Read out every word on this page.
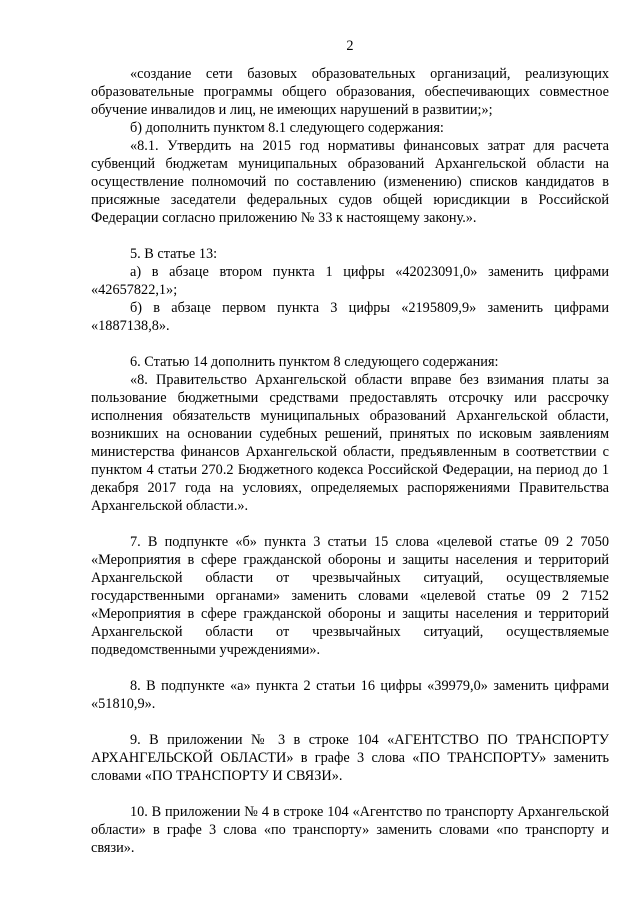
2

«создание сети базовых образовательных организаций, реализующих образовательные программы общего образования, обеспечивающих совместное обучение инвалидов и лиц, не имеющих нарушений в развитии;»;

б) дополнить пунктом 8.1 следующего содержания:

«8.1. Утвердить на 2015 год нормативы финансовых затрат для расчета субвенций бюджетам муниципальных образований Архангельской области на осуществление полномочий по составлению (изменению) списков кандидатов в присяжные заседатели федеральных судов общей юрисдикции в Российской Федерации согласно приложению № 33 к настоящему закону.».

5. В статье 13:

а) в абзаце втором пункта 1 цифры «42023091,0» заменить цифрами «42657822,1»;

б) в абзаце первом пункта 3 цифры «2195809,9» заменить цифрами «1887138,8».

6. Статью 14 дополнить пунктом 8 следующего содержания:

«8. Правительство Архангельской области вправе без взимания платы за пользование бюджетными средствами предоставлять отсрочку или рассрочку исполнения обязательств муниципальных образований Архангельской области, возникших на основании судебных решений, принятых по исковым заявлениям министерства финансов Архангельской области, предъявленным в соответствии с пунктом 4 статьи 270.2 Бюджетного кодекса Российской Федерации, на период до 1 декабря 2017 года на условиях, определяемых распоряжениями Правительства Архангельской области.».

7. В подпункте «б» пункта 3 статьи 15 слова «целевой статье 09 2 7050 «Мероприятия в сфере гражданской обороны и защиты населения и территорий Архангельской области от чрезвычайных ситуаций, осуществляемые государственными органами» заменить словами «целевой статье 09 2 7152 «Мероприятия в сфере гражданской обороны и защиты населения и территорий Архангельской области от чрезвычайных ситуаций, осуществляемые подведомственными учреждениями».

8. В подпункте «а» пункта 2 статьи 16 цифры «39979,0» заменить цифрами «51810,9».

9. В приложении № 3 в строке 104 «АГЕНТСТВО ПО ТРАНСПОРТУ АРХАНГЕЛЬСКОЙ ОБЛАСТИ» в графе 3 слова «ПО ТРАНСПОРТУ» заменить словами «ПО ТРАНСПОРТУ И СВЯЗИ».

10. В приложении № 4 в строке 104 «Агентство по транспорту Архангельской области» в графе 3 слова «по транспорту» заменить словами «по транспорту и связи».
